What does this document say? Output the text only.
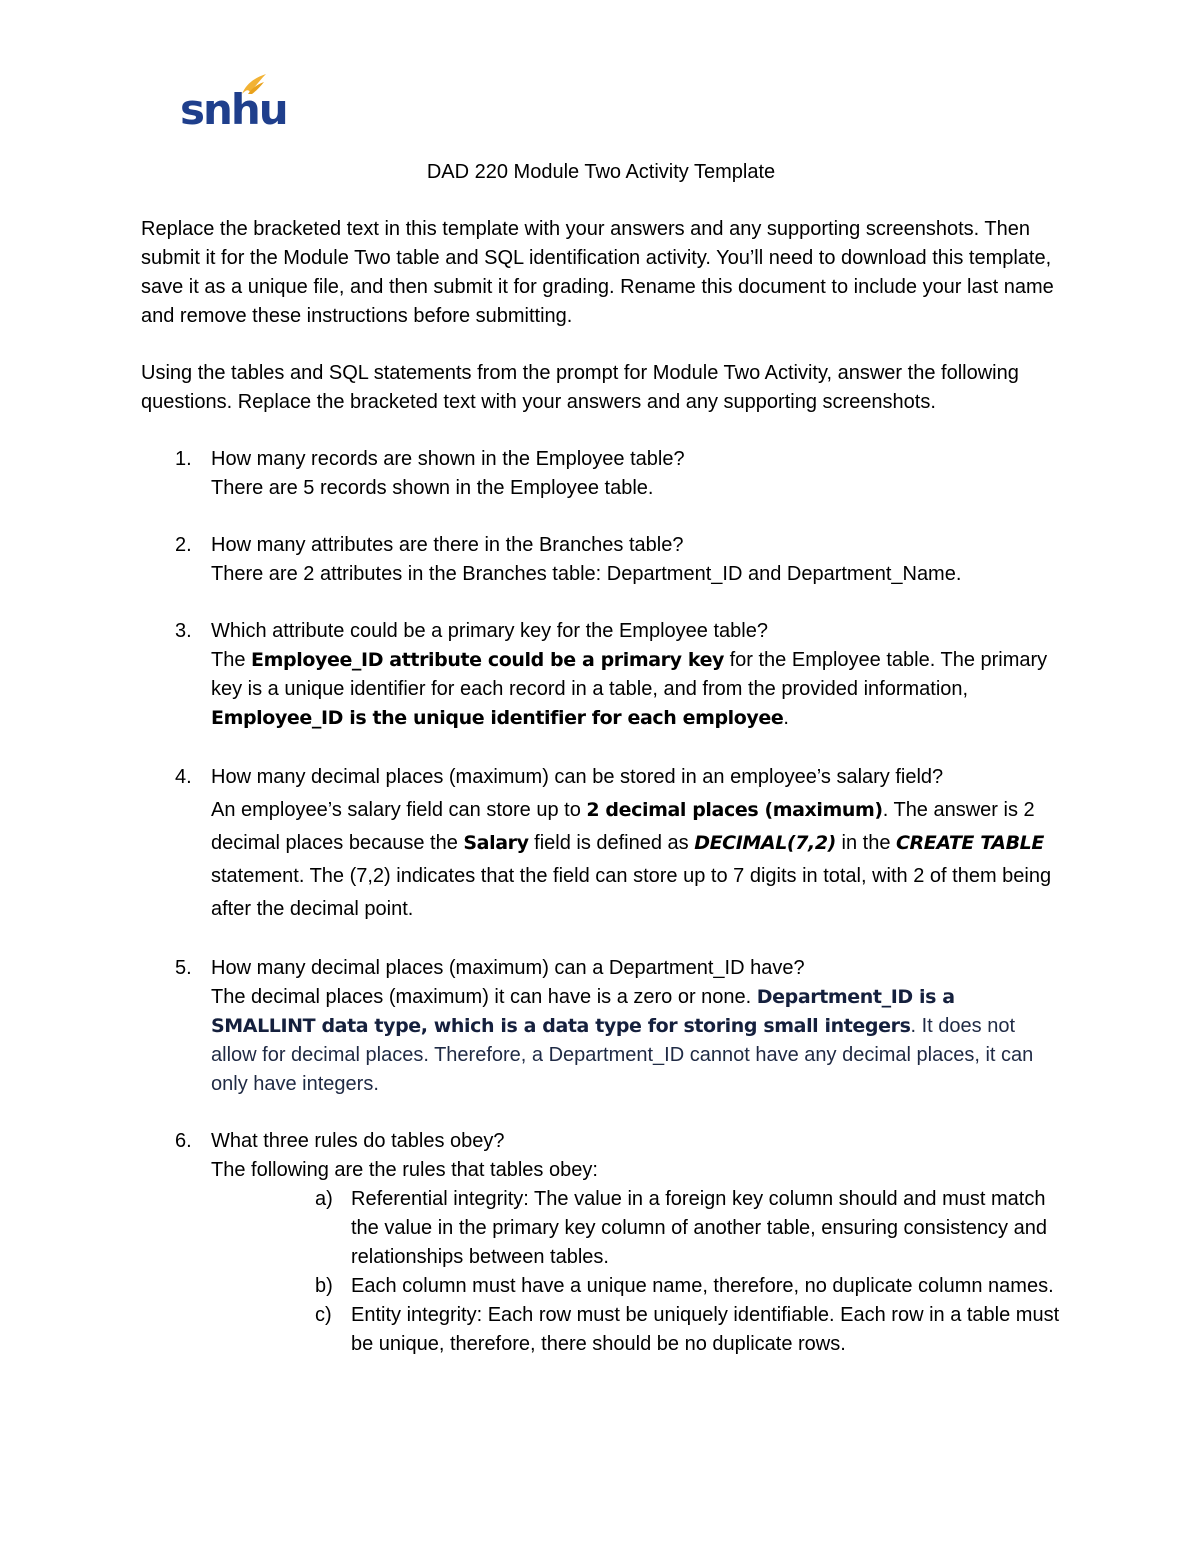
snhu
DAD 220 Module Two Activity Template

Replace the bracketed text in this template with your answers and any supporting screenshots. Then submit it for the Module Two table and SQL identification activity. You’ll need to download this template, save it as a unique file, and then submit it for grading. Rename this document to include your last name and remove these instructions before submitting.

Using the tables and SQL statements from the prompt for Module Two Activity, answer the following questions. Replace the bracketed text with your answers and any supporting screenshots.

1. How many records are shown in the Employee table?
There are 5 records shown in the Employee table.
2. How many attributes are there in the Branches table?
There are 2 attributes in the Branches table: Department_ID and Department_Name.
3. Which attribute could be a primary key for the Employee table?
The Employee_ID attribute could be a primary key for the Employee table. The primary key is a unique identifier for each record in a table, and from the provided information, Employee_ID is the unique identifier for each employee.
4. How many decimal places (maximum) can be stored in an employee’s salary field?
An employee’s salary field can store up to 2 decimal places (maximum). The answer is 2 decimal places because the Salary field is defined as DECIMAL(7,2) in the CREATE TABLE statement. The (7,2) indicates that the field can store up to 7 digits in total, with 2 of them being after the decimal point.
5. How many decimal places (maximum) can a Department_ID have?
The decimal places (maximum) it can have is a zero or none. Department_ID is a SMALLINT data type, which is a data type for storing small integers. It does not allow for decimal places. Therefore, a Department_ID cannot have any decimal places, it can only have integers.
6. What three rules do tables obey?
The following are the rules that tables obey:
a) Referential integrity: The value in a foreign key column should and must match the value in the primary key column of another table, ensuring consistency and relationships between tables.
b) Each column must have a unique name, therefore, no duplicate column names.
c) Entity integrity: Each row must be uniquely identifiable. Each row in a table must be unique, therefore, there should be no duplicate rows.
